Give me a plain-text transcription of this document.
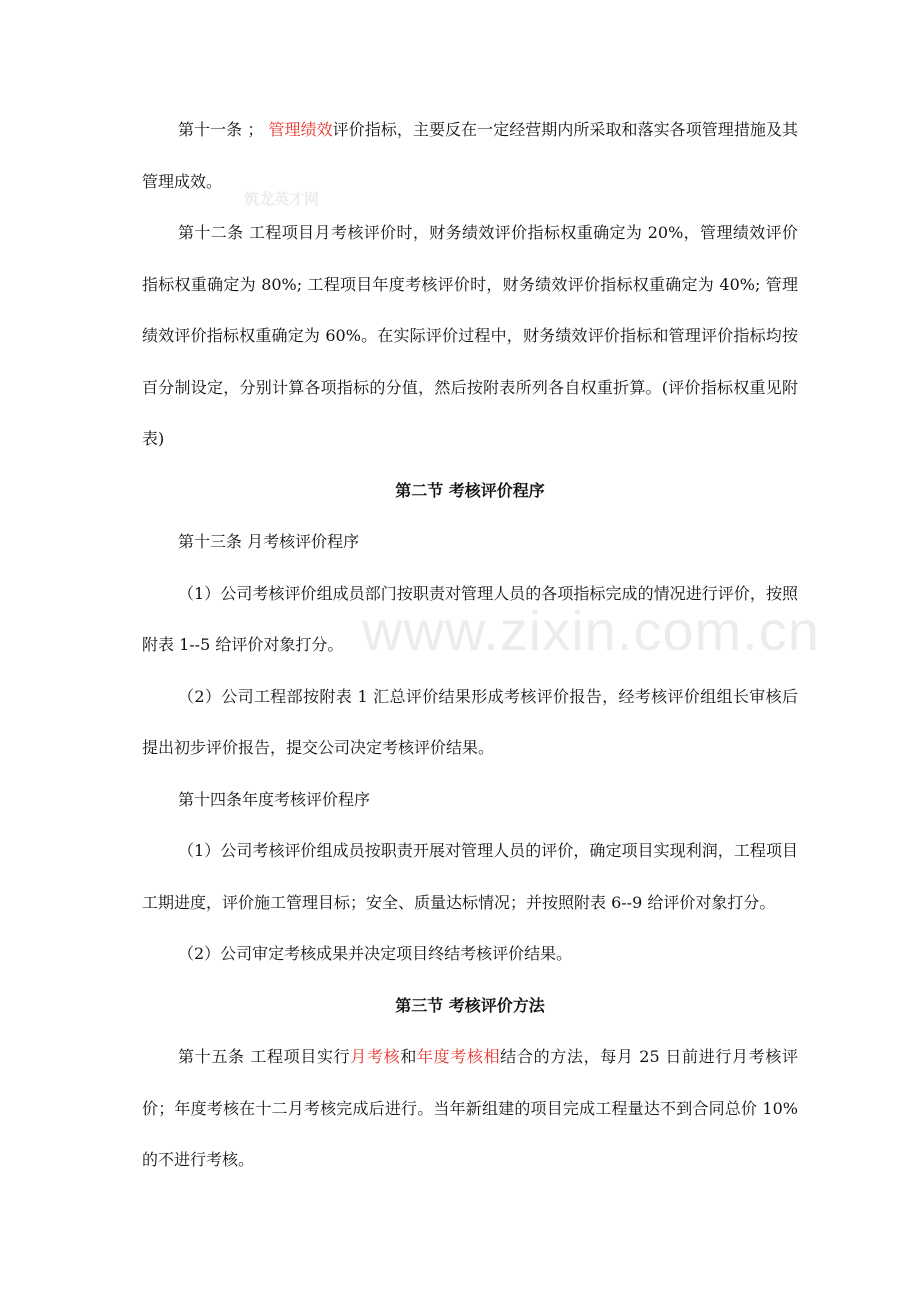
筑龙英才网
www.zixin.com.cn

第十一条 ； 管理绩效评价指标，主要反在一定经营期内所采取和落实各项管理措施及其管理成效。

第十二条 工程项目月考核评价时，财务绩效评价指标权重确定为 20%，管理绩效评价指标权重确定为 80%; 工程项目年度考核评价时，财务绩效评价指标权重确定为 40%; 管理绩效评价指标权重确定为 60%。在实际评价过程中，财务绩效评价指标和管理评价指标均按百分制设定，分别计算各项指标的分值，然后按附表所列各自权重折算。(评价指标权重见附表)

第二节 考核评价程序

第十三条 月考核评价程序

（1）公司考核评价组成员部门按职责对管理人员的各项指标完成的情况进行评价，按照附表 1--5 给评价对象打分。

（2）公司工程部按附表 1 汇总评价结果形成考核评价报告，经考核评价组组长审核后提出初步评价报告，提交公司决定考核评价结果。

第十四条年度考核评价程序

（1）公司考核评价组成员按职责开展对管理人员的评价，确定项目实现利润，工程项目工期进度，评价施工管理目标；安全、质量达标情况；并按照附表 6--9 给评价对象打分。

（2）公司审定考核成果并决定项目终结考核评价结果。

第三节 考核评价方法

第十五条 工程项目实行月考核和年度考核相结合的方法，每月 25 日前进行月考核评价；年度考核在十二月考核完成后进行。当年新组建的项目完成工程量达不到合同总价 10%的不进行考核。
